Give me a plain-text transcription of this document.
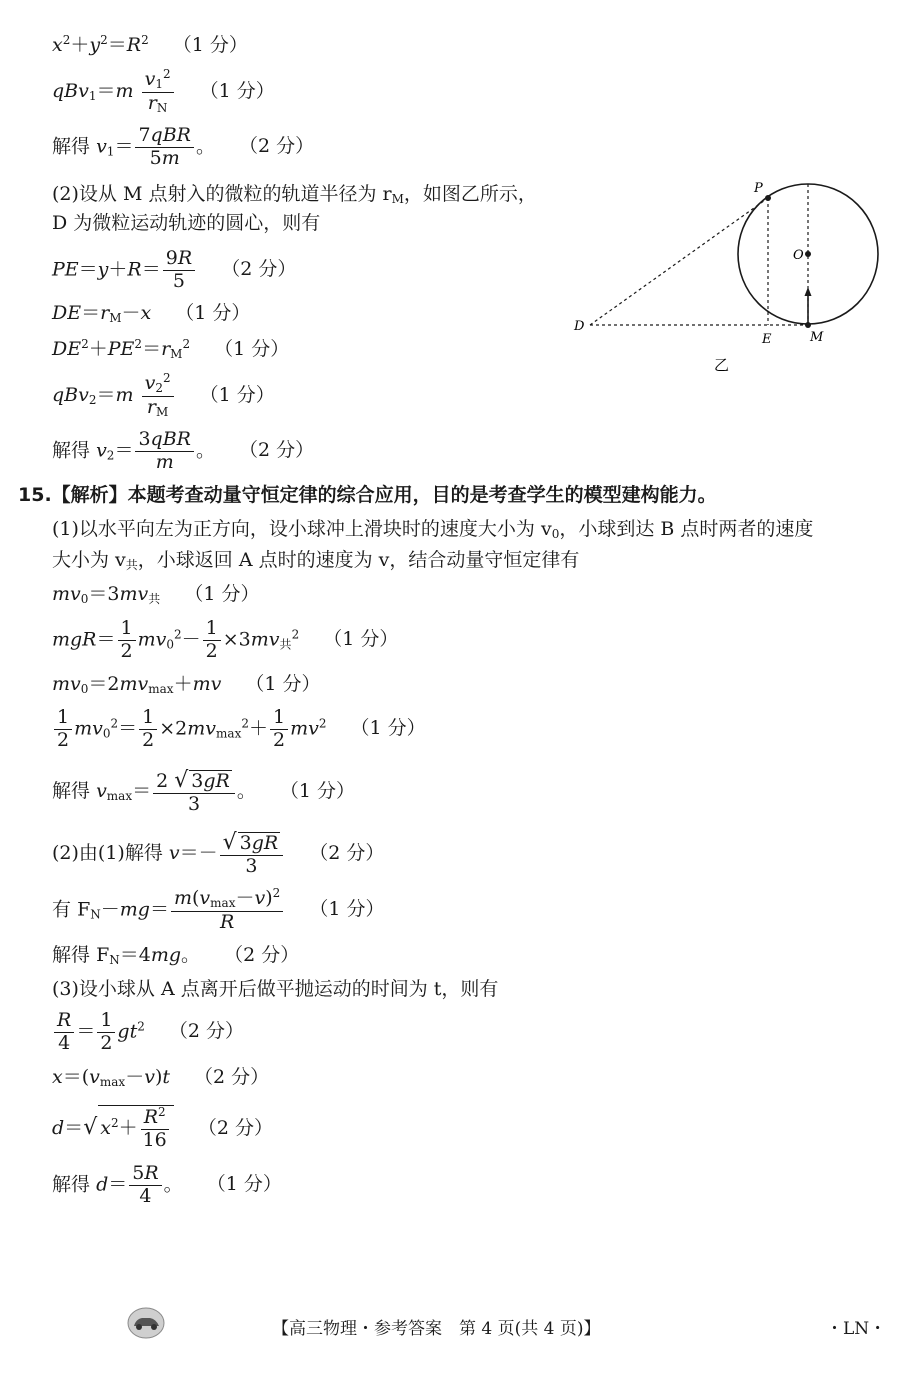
$x^2+y^2=R^2$ （1 分）
$qBv_1=m \frac{v_1^2}{r_N} (1$ 分）
解得 $v_1= \frac{\text{7qBR}}{5m}$ 。 （2 分）
(2)设从 M 点射入的微粒的轨道半径为 $r_M$，如图乙所示，
D 为微粒运动轨迹的圆心，则有
$PE=y+R= \frac{9R}{5} (2$ 分）
$DE=r_M-x$ （1 分）
$DE^2+PE^2=r_M^2$ （1 分）
$qBv_2=m \frac{v_2^2}{r_M} (1$ 分）
解得 $v_2= \frac{\text{3qBR}}{m}$ 。 （2 分）
P
O
D
E	M
乙
15.【解析】本题考查动量守恒定律的综合应用，目的是考查学生的模型建构能力。
(1)以水平向左为正方向，设小球冲上滑块时的速度大小为 $v_0$，小球到达 B 点时两者的速度
大小为 $v_共$，小球返回 A 点时的速度为 v，结合动量守恒定律有
$mv_0=3mv_共$ （1 分）
$mgR= \frac{1}{2} mv_0^2- \frac{1}{2} \times 3mv_共^2$ （1 分）
$mv_0=2mv_{max}+mv$ （1 分）
$\frac{1}{2} mv_0^2= \frac{1}{2} \times 2mv_{max}^2+ \frac{1}{2} mv^2$ （1 分）
解得 $v_{max}= \frac{2 √ 3gR}{3}$ 。 （1 分）
(2)由(1)解得 $v=- \frac{√ 3gR}{3} (2$ 分）
有 $F_N-mg= \frac{m(v_{max}-v)^2}{R} (1$ 分）
解得 $F_N=4mg$。 （2 分）
(3)设小球从 A 点离开后做平抛运动的时间为 t，则有
$\frac{R}{4} = \frac{1}{2} gt^2$ （2 分）
$x=(v_{max}-v)t$ （2 分）
d＝√ $x^2+ \frac{R^2}{16} (2$ 分）
解得 $d= \frac{5R}{4}$ 。 （1 分）
【高三物理・参考答案　第 4 页(共 4 页)】	・LN・
